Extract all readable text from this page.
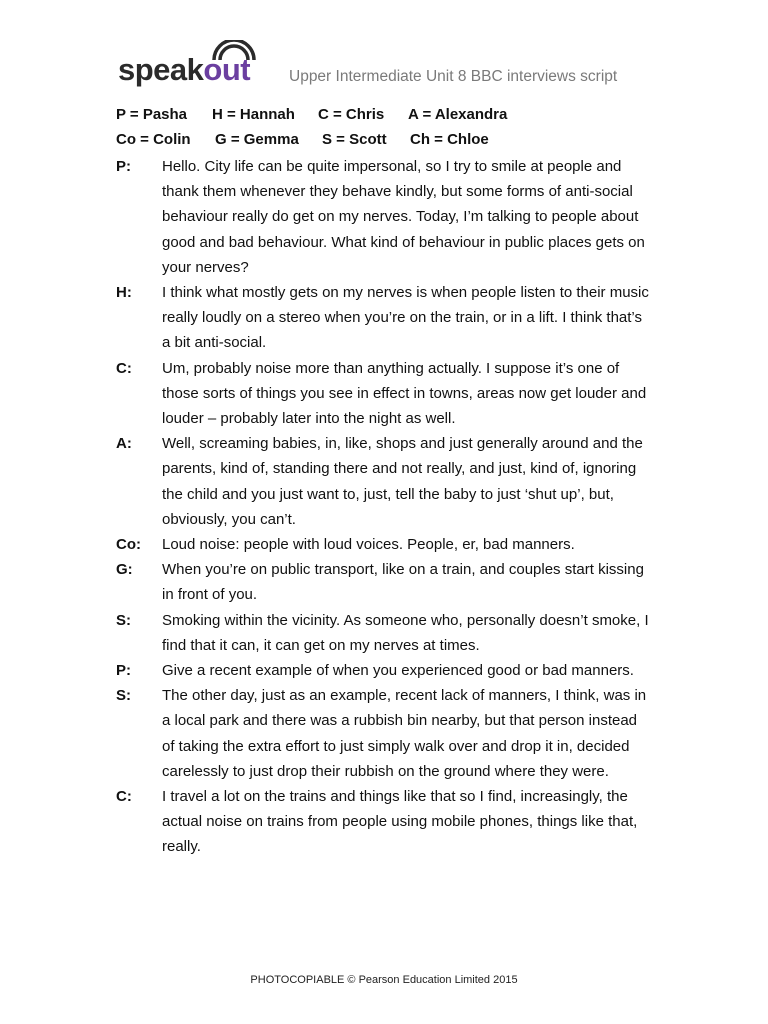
speakout	Upper Intermediate Unit 8 BBC interviews script
P = Pasha H = Hannah C = Chris A = Alexandra
Co = Colin G = Gemma S = Scott Ch = Chloe
P: Hello. City life can be quite impersonal, so I try to smile at people and thank them whenever they behave kindly, but some forms of anti-social behaviour really do get on my nerves. Today, I’m talking to people about good and bad behaviour. What kind of behaviour in public places gets on your nerves?
H: I think what mostly gets on my nerves is when people listen to their music really loudly on a stereo when you’re on the train, or in a lift. I think that’s a bit anti-social.
C: Um, probably noise more than anything actually. I suppose it’s one of those sorts of things you see in effect in towns, areas now get louder and louder – probably later into the night as well.
A: Well, screaming babies, in, like, shops and just generally around and the parents, kind of, standing there and not really, and just, kind of, ignoring the child and you just want to, just, tell the baby to just ‘shut up’, but, obviously, you can’t.
Co: Loud noise: people with loud voices. People, er, bad manners.
G: When you’re on public transport, like on a train, and couples start kissing in front of you.
S: Smoking within the vicinity. As someone who, personally doesn’t smoke, I find that it can, it can get on my nerves at times.
P: Give a recent example of when you experienced good or bad manners.
S: The other day, just as an example, recent lack of manners, I think, was in a local park and there was a rubbish bin nearby, but that person instead of taking the extra effort to just simply walk over and drop it in, decided carelessly to just drop their rubbish on the ground where they were.
C: I travel a lot on the trains and things like that so I find, increasingly, the actual noise on trains from people using mobile phones, things like that, really.
PHOTOCOPIABLE © Pearson Education Limited 2015
